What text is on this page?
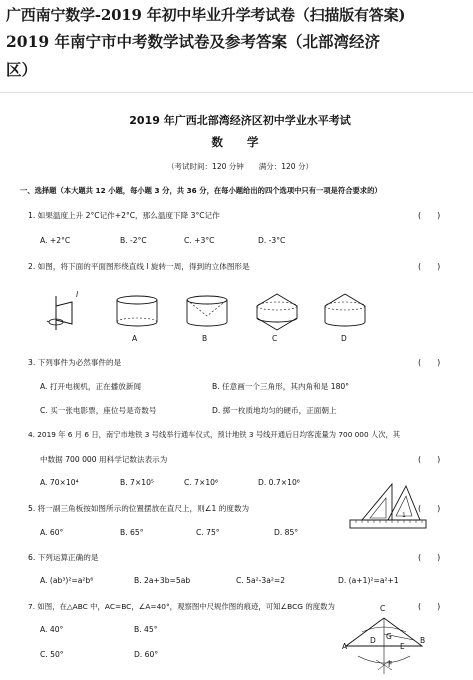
广西南宁数学-2019 年初中毕业升学考试卷（扫描版有答案)
2019 年南宁市中考数学试卷及参考答案（北部湾经济
区）
2019 年广西北部湾经济区初中学业水平考试
数 学
（考试时间：120 分钟　　满分：120 分）
一、选择题（本大题共 12 小题，每小题 3 分，共 36 分，在每小题给出的四个选项中只有一项是符合要求的）
1. 如果温度上升 2°C记作+2°C，那么温度下降 3°C记作	(　　)
A. +2°C	B. -2°C	C. +3°C	D. -3°C
2. 如图，将下面的平面图形绕直线 l 旋转一周，得到的立体图形是	(　　)
l
A	B	C	D
3. 下列事件为必然事件的是	(　　)
A. 打开电视机，正在播放新闻	B. 任意画一个三角形，其内角和是 180°
C. 买一张电影票，座位号是奇数号	D. 掷一枚质地均匀的硬币，正面朝上
4. 2019 年 6 月 6 日，南宁市地铁 3 号线举行通车仪式，预计地铁 3 号线开通后日均客流量为 700 000 人次，其
中数据 700 000 用科学记数法表示为	(　　)
A. 70×10⁴	B. 7×10⁵	C. 7×10⁶	D. 0.7×10⁶
5. 将一副三角板按如图所示的位置摆放在直尺上，则∠1 的度数为	(　　)
A. 60°	B. 65°	C. 75°	D. 85°
1
6. 下列运算正确的是	(　　)
A. (ab³)²=a²b⁶	B. 2a+3b=5ab	C. 5a²-3a²=2	D. (a+1)²=a²+1
7. 如图，在△ABC 中，AC=BC，∠A=40°，观察图中尺规作图的痕迹，可知∠BCG 的度数为	(　　)
A. 40°	B. 45°
C. 50°	D. 60°
C
G
D
A	E
B
F
